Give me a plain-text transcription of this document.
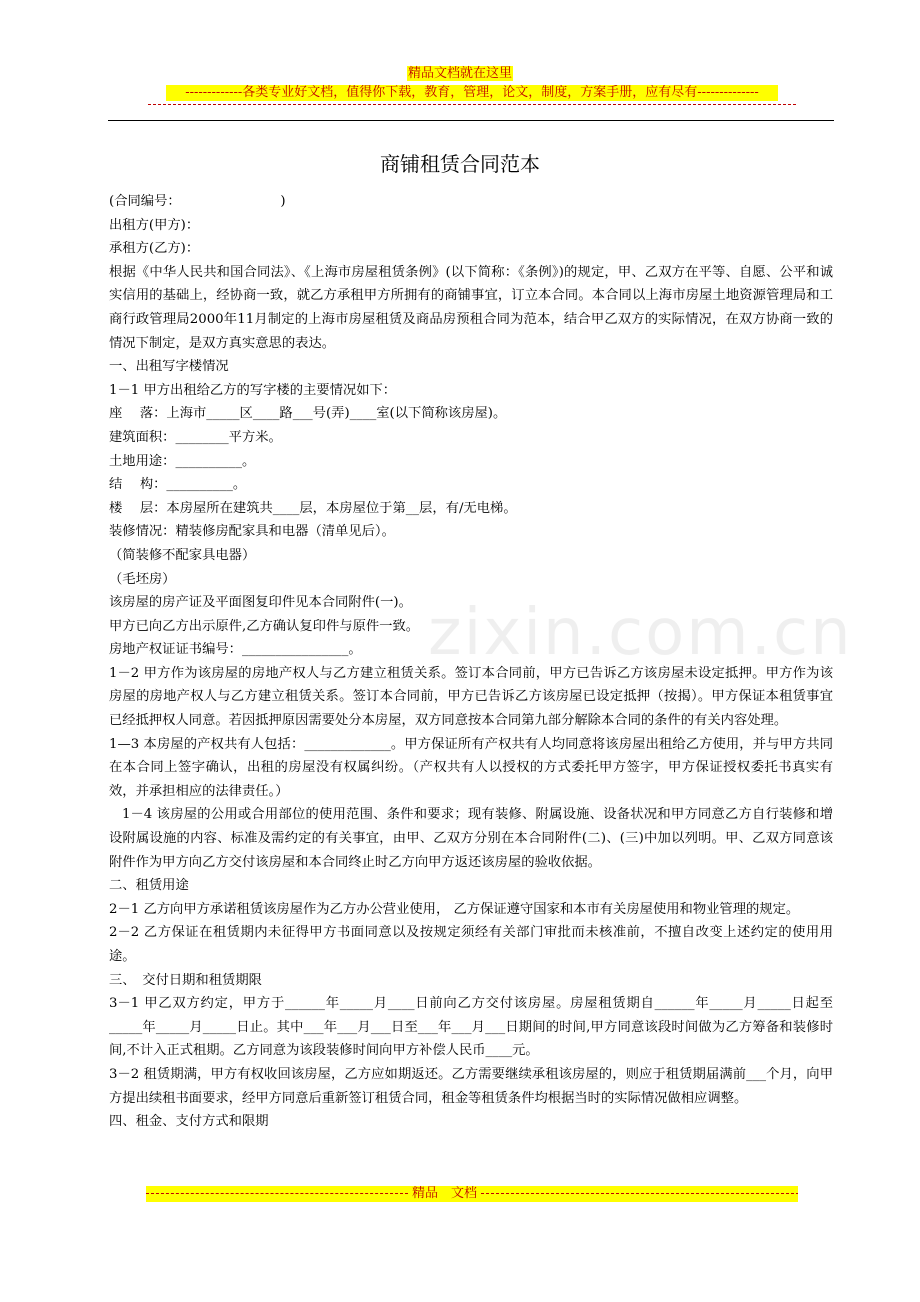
精品文档就在这里
-------------各类专业好文档，值得你下载，教育，管理，论文，制度，方案手册，应有尽有--------------
zixin.com.cn
商铺租赁合同范本

(合同编号：　　　　　　　　)

出租方(甲方)：

承租方(乙方)：

根据《中华人民共和国合同法》、《上海市房屋租赁条例》(以下简称：《条例》)的规定，甲、乙双方在平等、自愿、公平和诚实信用的基础上，经协商一致，就乙方承租甲方所拥有的商铺事宜，订立本合同。本合同以上海市房屋土地资源管理局和工商行政管理局2000年11月制定的上海市房屋租赁及商品房预租合同为范本，结合甲乙双方的实际情况，在双方协商一致的情况下制定，是双方真实意思的表达。

一、出租写字楼情况

1－1 甲方出租给乙方的写字楼的主要情况如下：

座　 落：上海市_____区____路___号(弄)____室(以下简称该房屋)。

建筑面积：________平方米。

土地用途：__________。

结　 构：__________。

楼　 层：本房屋所在建筑共____层，本房屋位于第__层，有/无电梯。

装修情况：精装修房配家具和电器（清单见后）。

（简装修不配家具电器）

（毛坯房）

该房屋的房产证及平面图复印件见本合同附件(一)。

甲方已向乙方出示原件,乙方确认复印件与原件一致。

房地产权证证书编号：________________。

1－2 甲方作为该房屋的房地产权人与乙方建立租赁关系。签订本合同前，甲方已告诉乙方该房屋未设定抵押。甲方作为该房屋的房地产权人与乙方建立租赁关系。签订本合同前，甲方已告诉乙方该房屋已设定抵押（按揭）。甲方保证本租赁事宜已经抵押权人同意。若因抵押原因需要处分本房屋，双方同意按本合同第九部分解除本合同的条件的有关内容处理。

1—3 本房屋的产权共有人包括：_____________。甲方保证所有产权共有人均同意将该房屋出租给乙方使用，并与甲方共同在本合同上签字确认，出租的房屋没有权属纠纷。（产权共有人以授权的方式委托甲方签字，甲方保证授权委托书真实有效，并承担相应的法律责任。）

1－4 该房屋的公用或合用部位的使用范围、条件和要求；现有装修、附属设施、设备状况和甲方同意乙方自行装修和增设附属设施的内容、标准及需约定的有关事宜，由甲、乙双方分别在本合同附件(二)、(三)中加以列明。甲、乙双方同意该附件作为甲方向乙方交付该房屋和本合同终止时乙方向甲方返还该房屋的验收依据。

二、租赁用途

2－1 乙方向甲方承诺租赁该房屋作为乙方办公营业使用， 乙方保证遵守国家和本市有关房屋使用和物业管理的规定。

2－2 乙方保证在租赁期内未征得甲方书面同意以及按规定须经有关部门审批而未核准前，不擅自改变上述约定的使用用途。

三、　交付日期和租赁期限

3－1 甲乙双方约定，甲方于______年_____月____日前向乙方交付该房屋。房屋租赁期自______年_____月_____日起至_____年_____月_____日止。其中___年___月___日至___年___月___日期间的时间,甲方同意该段时间做为乙方筹备和装修时间,不计入正式租期。乙方同意为该段装修时间向甲方补偿人民币____元。

3－2 租赁期满，甲方有权收回该房屋，乙方应如期返还。乙方需要继续承租该房屋的，则应于租赁期届满前___个月，向甲方提出续租书面要求，经甲方同意后重新签订租赁合同，租金等租赁条件均根据当时的实际情况做相应调整。

四、租金、支付方式和限期

精品　文档
